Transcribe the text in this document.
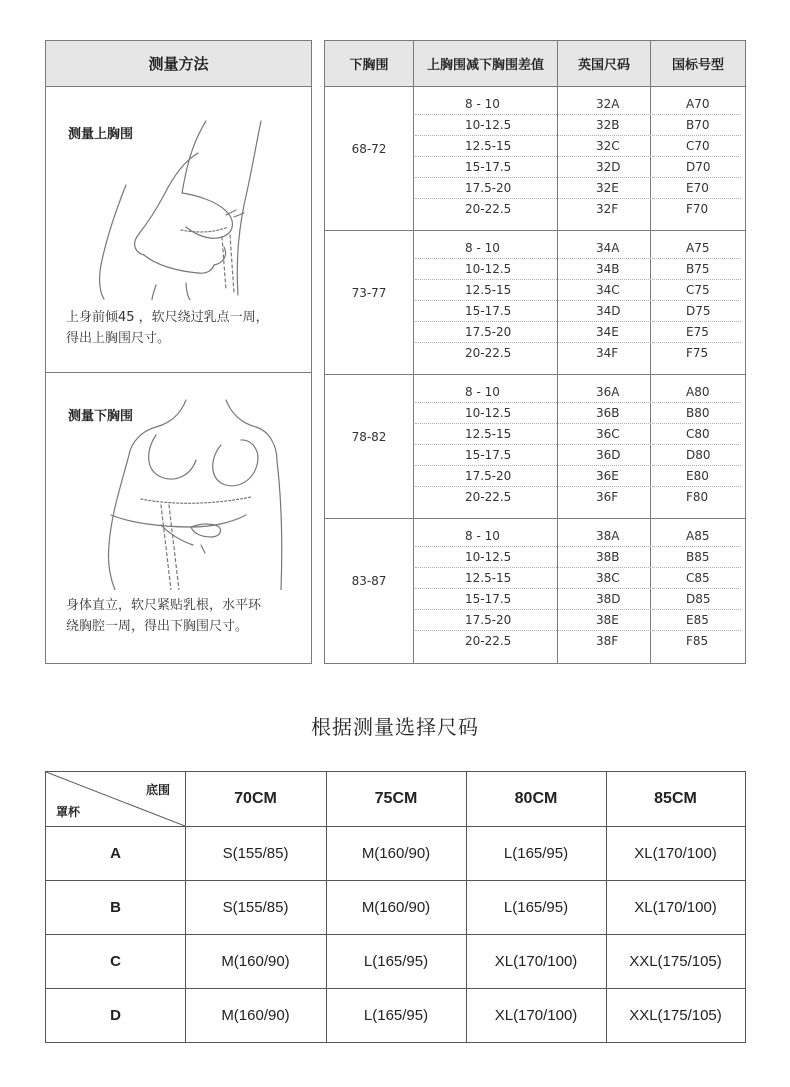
测量方法
测量上胸围
上身前倾45 ，软尺绕过乳点一周，
得出上胸围尺寸。
测量下胸围
身体直立，软尺紧贴乳根，水平环
绕胸腔一周，得出下胸围尺寸。
下胸围	上胸围减下胸围差值	英国尺码	国标号型
68-72
8 - 10	32A	A70
10-12.5	32B	B70
12.5-15	32C	C70
15-17.5	32D	D70
17.5-20	32E	E70
20-22.5	32F	F70
73-77
8 - 10	34A	A75
10-12.5	34B	B75
12.5-15	34C	C75
15-17.5	34D	D75
17.5-20	34E	E75
20-22.5	34F	F75
78-82
8 - 10	36A	A80
10-12.5	36B	B80
12.5-15	36C	C80
15-17.5	36D	D80
17.5-20	36E	E80
20-22.5	36F	F80
83-87
8 - 10	38A	A85
10-12.5	38B	B85
12.5-15	38C	C85
15-17.5	38D	D85
17.5-20	38E	E85
20-22.5	38F	F85
根据测量选择尺码
底围
罩杯
70CM	75CM	80CM	85CM
A	S(155/85)	M(160/90)	L(165/95)	XL(170/100)
B	S(155/85)	M(160/90)	L(165/95)	XL(170/100)
C	M(160/90)	L(165/95)	XL(170/100)	XXL(175/105)
D	M(160/90)	L(165/95)	XL(170/100)	XXL(175/105)
